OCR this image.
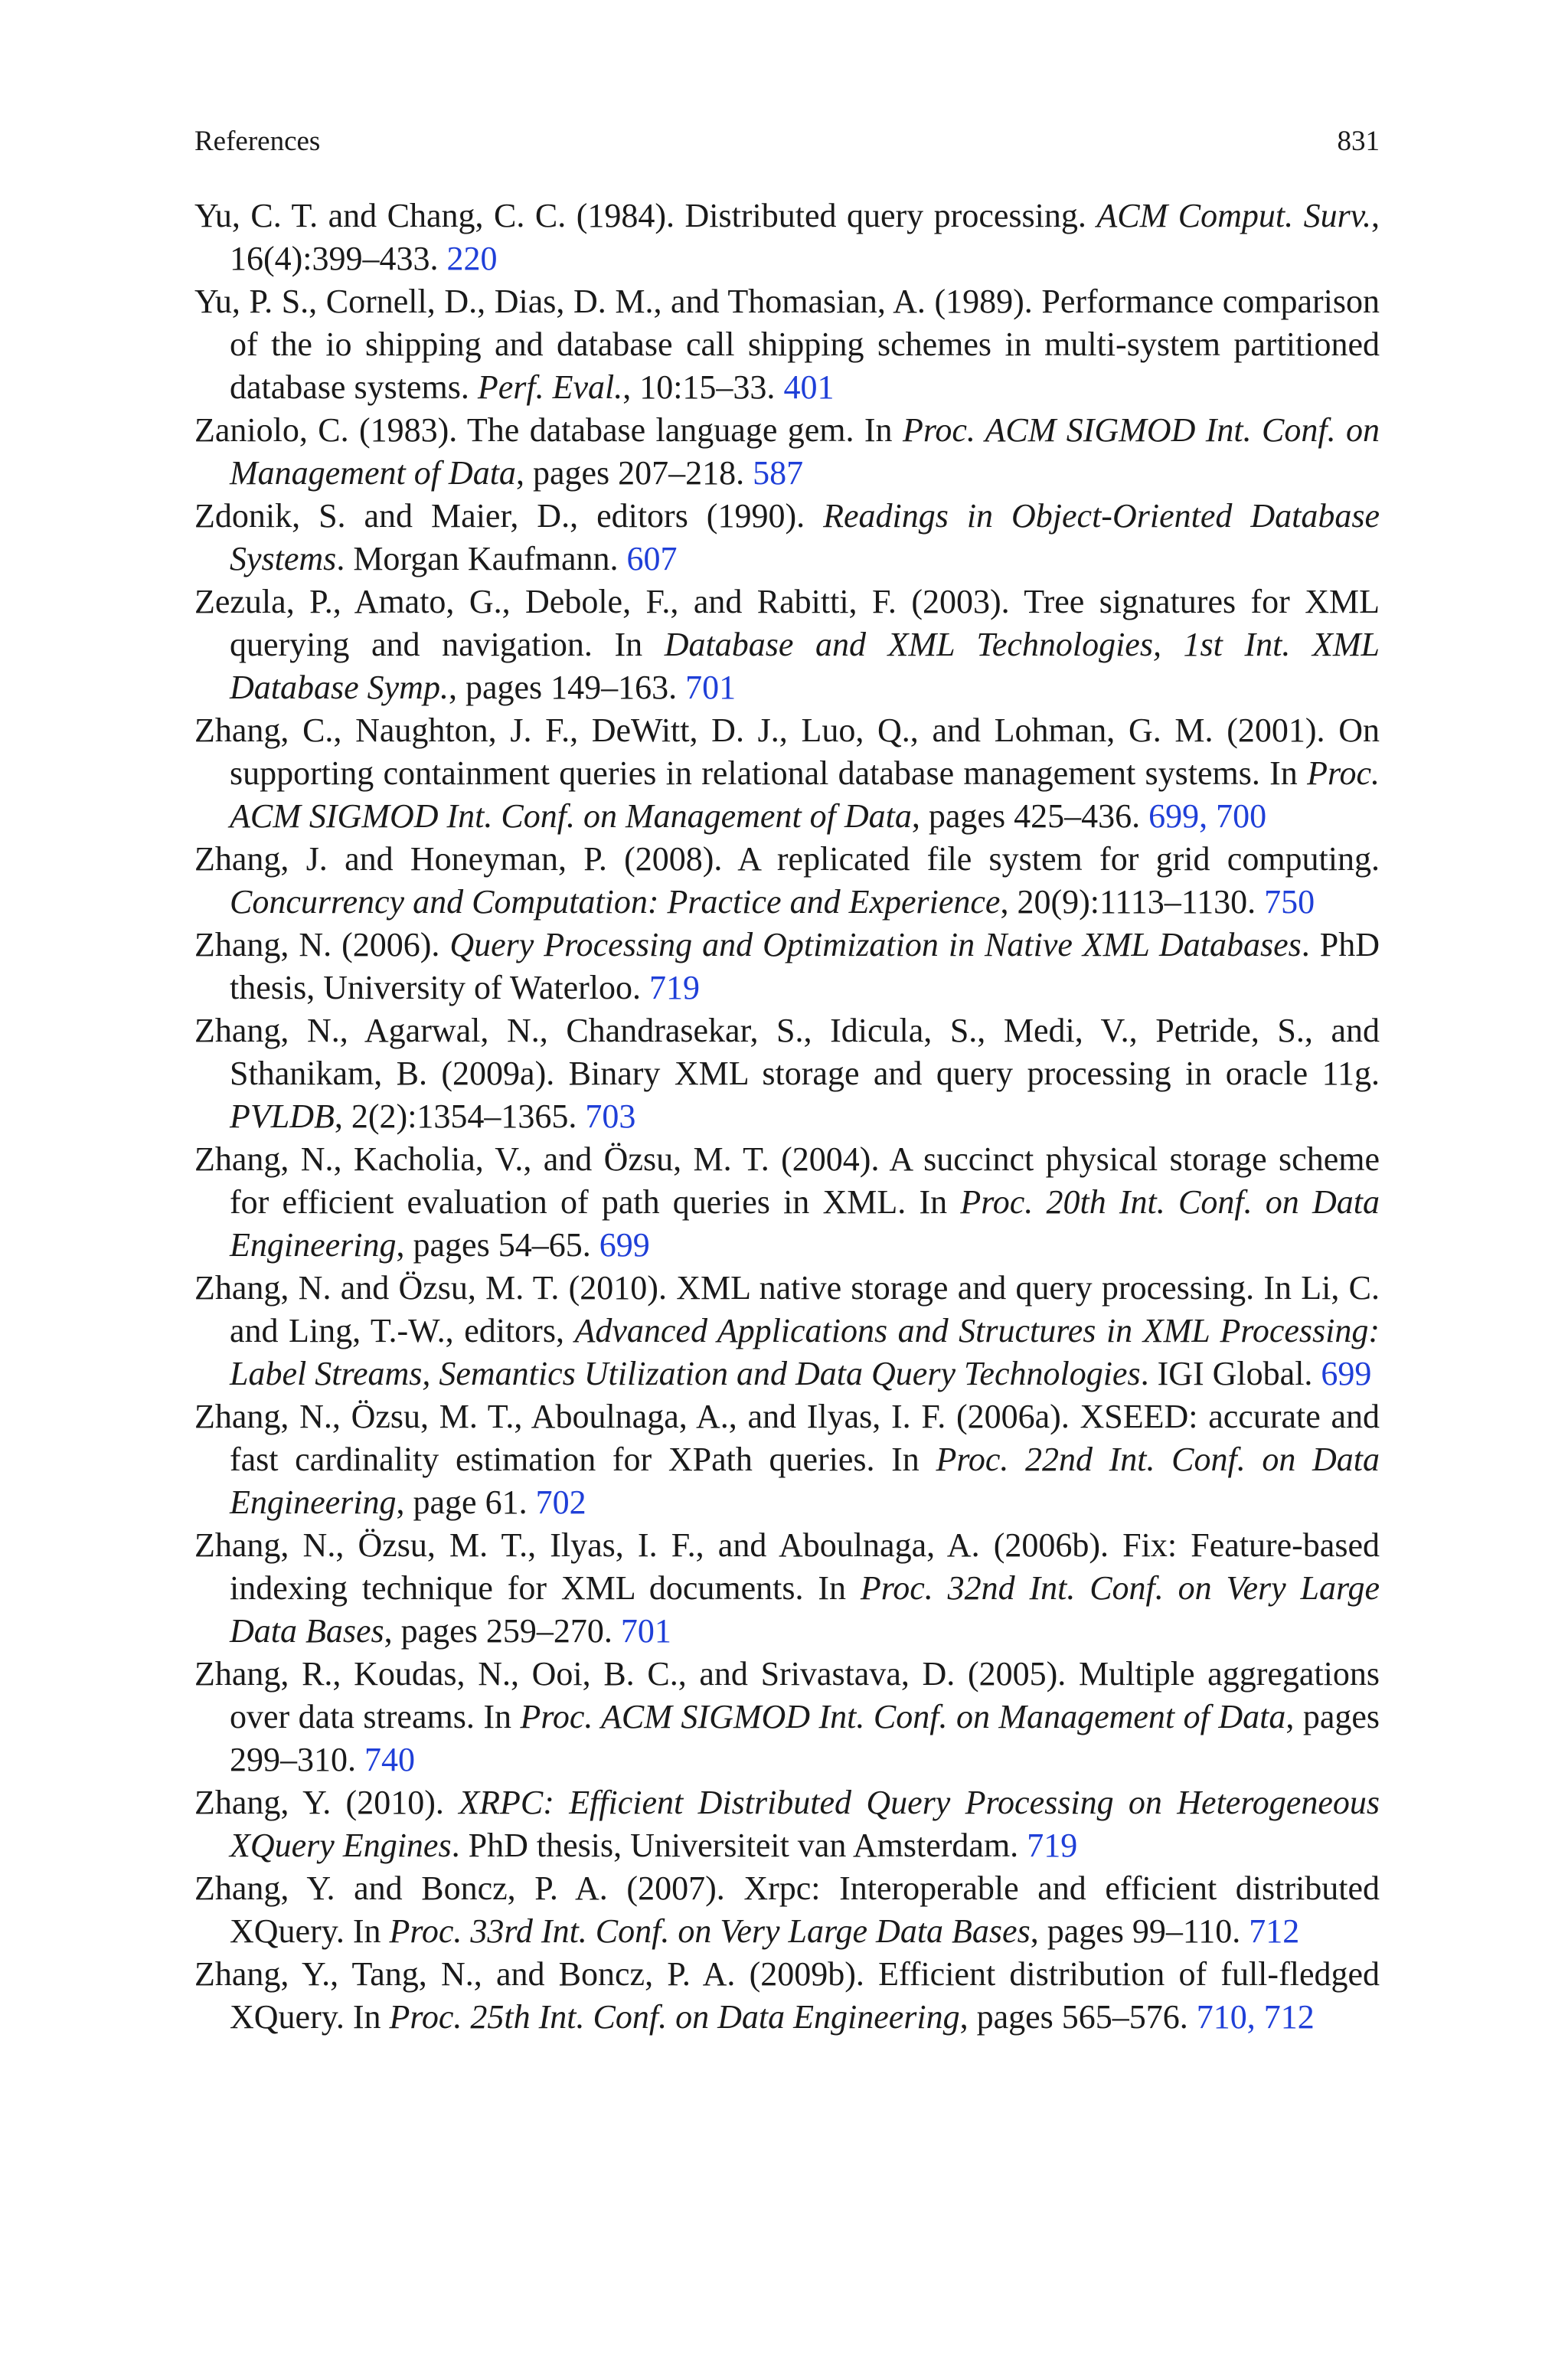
References	831
Yu, C. T. and Chang, C. C. (1984). Distributed query processing. ACM Comput. Surv., 16(4):399–433. 220
Yu, P. S., Cornell, D., Dias, D. M., and Thomasian, A. (1989). Performance comparison of the io shipping and database call shipping schemes in multi-system partitioned database systems. Perf. Eval., 10:15–33. 401
Zaniolo, C. (1983). The database language gem. In Proc. ACM SIGMOD Int. Conf. on Management of Data, pages 207–218. 587
Zdonik, S. and Maier, D., editors (1990). Readings in Object-Oriented Database Systems. Morgan Kaufmann. 607
Zezula, P., Amato, G., Debole, F., and Rabitti, F. (2003). Tree signatures for XML querying and navigation. In Database and XML Technologies, 1st Int. XML Database Symp., pages 149–163. 701
Zhang, C., Naughton, J. F., DeWitt, D. J., Luo, Q., and Lohman, G. M. (2001). On supporting containment queries in relational database management systems. In Proc. ACM SIGMOD Int. Conf. on Management of Data, pages 425–436. 699, 700
Zhang, J. and Honeyman, P. (2008). A replicated file system for grid computing. Concurrency and Computation: Practice and Experience, 20(9):1113–1130. 750
Zhang, N. (2006). Query Processing and Optimization in Native XML Databases. PhD thesis, University of Waterloo. 719
Zhang, N., Agarwal, N., Chandrasekar, S., Idicula, S., Medi, V., Petride, S., and Sthanikam, B. (2009a). Binary XML storage and query processing in oracle 11g. PVLDB, 2(2):1354–1365. 703
Zhang, N., Kacholia, V., and Özsu, M. T. (2004). A succinct physical storage scheme for efficient evaluation of path queries in XML. In Proc. 20th Int. Conf. on Data Engineering, pages 54–65. 699
Zhang, N. and Özsu, M. T. (2010). XML native storage and query processing. In Li, C. and Ling, T.-W., editors, Advanced Applications and Structures in XML Processing: Label Streams, Semantics Utilization and Data Query Technologies. IGI Global. 699
Zhang, N., Özsu, M. T., Aboulnaga, A., and Ilyas, I. F. (2006a). XSEED: accurate and fast cardinality estimation for XPath queries. In Proc. 22nd Int. Conf. on Data Engineering, page 61. 702
Zhang, N., Özsu, M. T., Ilyas, I. F., and Aboulnaga, A. (2006b). Fix: Feature-based indexing technique for XML documents. In Proc. 32nd Int. Conf. on Very Large Data Bases, pages 259–270. 701
Zhang, R., Koudas, N., Ooi, B. C., and Srivastava, D. (2005). Multiple aggregations over data streams. In Proc. ACM SIGMOD Int. Conf. on Management of Data, pages 299–310. 740
Zhang, Y. (2010). XRPC: Efficient Distributed Query Processing on Heterogeneous XQuery Engines. PhD thesis, Universiteit van Amsterdam. 719
Zhang, Y. and Boncz, P. A. (2007). Xrpc: Interoperable and efficient distributed XQuery. In Proc. 33rd Int. Conf. on Very Large Data Bases, pages 99–110. 712
Zhang, Y., Tang, N., and Boncz, P. A. (2009b). Efficient distribution of full-fledged XQuery. In Proc. 25th Int. Conf. on Data Engineering, pages 565–576. 710, 712
